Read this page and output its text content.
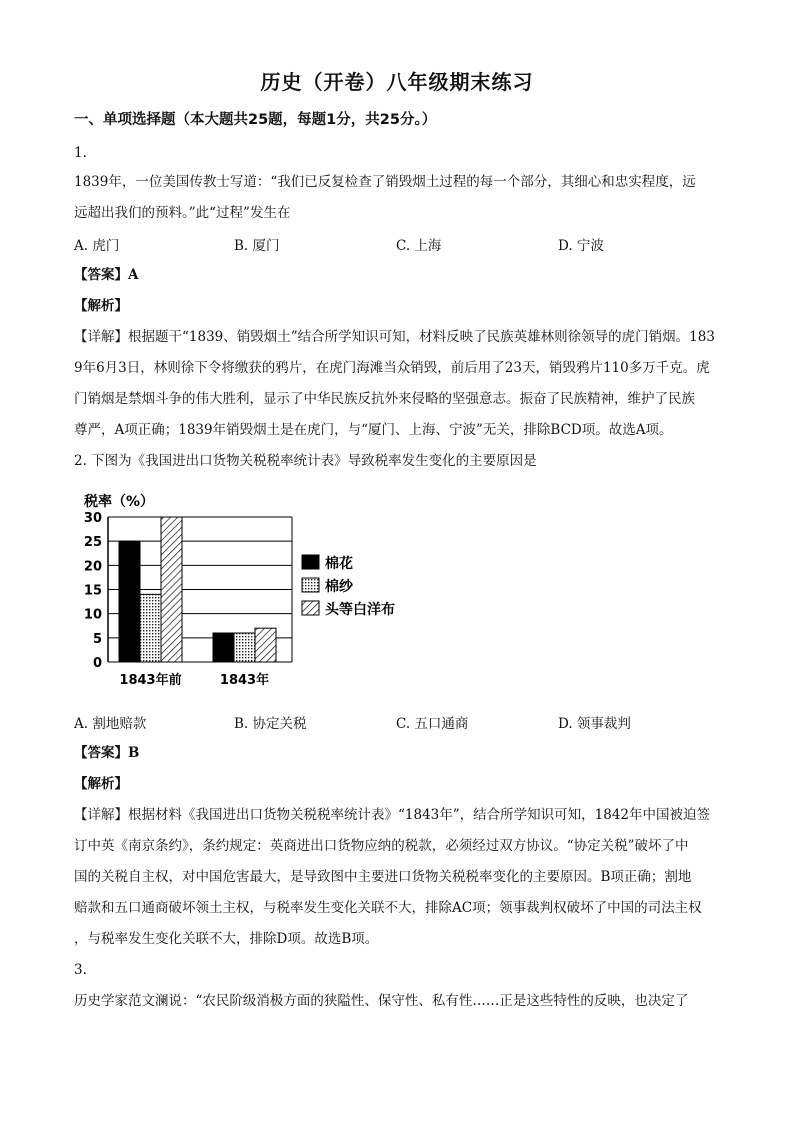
历史（开卷）八年级期末练习
一、单项选择题（本大题共25题，每题1分，共25分。）
1.
1839年，一位美国传教士写道：“我们已反复检查了销毁烟土过程的每一个部分，其细心和忠实程度，远
远超出我们的预料。”此“过程”发生在
A. 虎门	B. 厦门	C. 上海	D. 宁波
【答案】A
【解析】
【详解】根据题干“1839、销毁烟土”结合所学知识可知，材料反映了民族英雄林则徐领导的虎门销烟。183
9年6月3日，林则徐下令将缴获的鸦片，在虎门海滩当众销毁，前后用了23天，销毁鸦片110多万千克。虎
门销烟是禁烟斗争的伟大胜利，显示了中华民族反抗外来侵略的坚强意志。振奋了民族精神，维护了民族
尊严，A项正确；1839年销毁烟土是在虎门，与“厦门、上海、宁波”无关，排除BCD项。故选A项。
2. 下图为《我国进出口货物关税税率统计表》导致税率发生变化的主要原因是
税率（%）
0
5
10
15
20
25
30
1843年前	1843年
棉花
棉纱
头等白洋布
A. 割地赔款	B. 协定关税	C. 五口通商	D. 领事裁判
【答案】B
【解析】
【详解】根据材料《我国进出口货物关税税率统计表》“1843年”，结合所学知识可知，1842年中国被迫签
订中英《南京条约》，条约规定：英商进出口货物应纳的税款，必须经过双方协议。“协定关税”破坏了中
国的关税自主权，对中国危害最大，是导致图中主要进口货物关税税率变化的主要原因。B项正确；割地
赔款和五口通商破坏领土主权，与税率发生变化关联不大，排除AC项；领事裁判权破坏了中国的司法主权
，与税率发生变化关联不大，排除D项。故选B项。
3.
历史学家范文澜说：“农民阶级消极方面的狭隘性、保守性、私有性……正是这些特性的反映，也决定了
